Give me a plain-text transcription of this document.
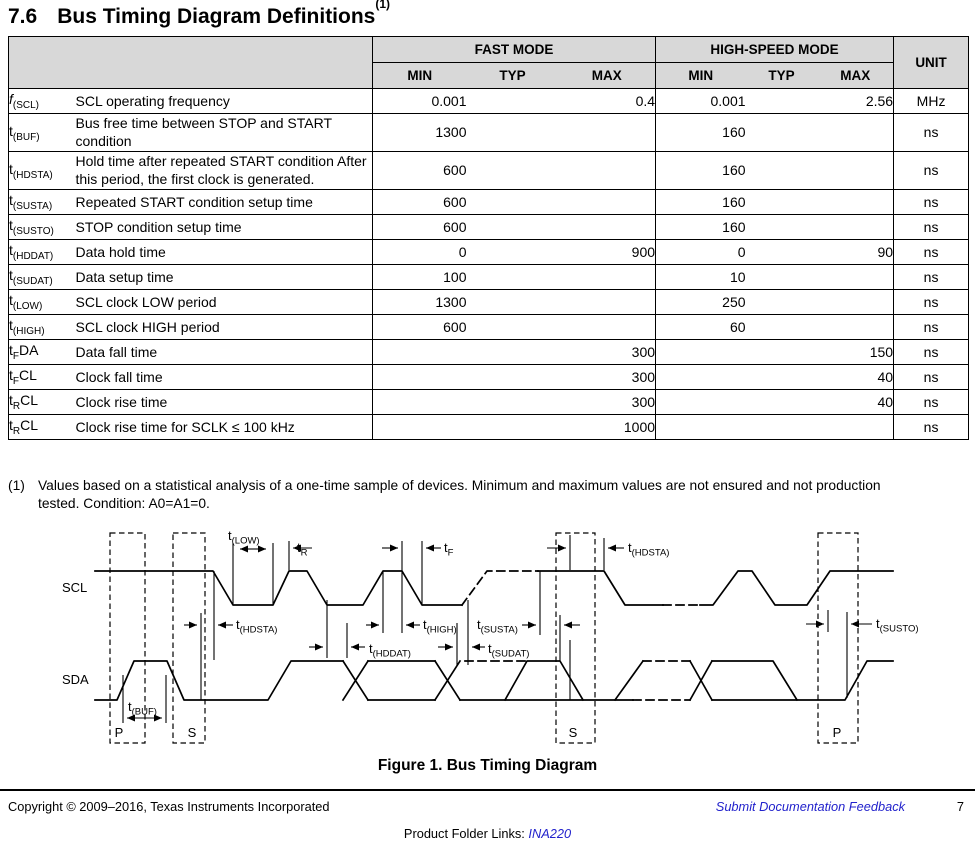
7.6 Bus Timing Diagram Definitions$^{(1)}$
		FAST MODE			HIGH-SPEED MODE			UNIT
		MIN	TYP	MAX	MIN	TYP	MAX	
$f_{(SCL)}$	SCL operating frequency	0.001		0.4	0.001		2.56	MHz
$t_{(BUF)}$	Bus free time between STOP and START condition	1300			160			ns
$t_{(HDSTA)}$	Hold time after repeated START condition After this period, the first clock is generated.	600			160			ns
$t_{(SUSTA)}$	Repeated START condition setup time	600			160			ns
$t_{(SUSTO)}$	STOP condition setup time	600			160			ns
$t_{(HDDAT)}$	Data hold time	0		900	0		90	ns
$t_{(SUDAT)}$	Data setup time	100			10			ns
$t_{(LOW)}$	SCL clock LOW period	1300			250			ns
$t_{(HIGH)}$	SCL clock HIGH period	600			60			ns
$t_FDA$	Data fall time			300			150	ns
$t_FCL$	Clock fall time			300			40	ns
$t_RCL$	Clock rise time			300			40	ns
$t_RCL$	Clock rise time for SCLK ≤ 100 kHz			1000				ns
(1) Values based on a statistical analysis of a one-time sample of devices. Minimum and maximum values are not ensured and not production tested. Condition: A0=A1=0.
SCL
SDA
$t_{(LOW)}$	$t_R$	$t_F$	$t_{(HDSTA)}$
$t_{(HDSTA)}$	$t_{(HIGH)}$ $t_{(SUSTA)}$	$t_{(SUSTO)}$
$t_{(HDDAT)}$	$t_{(SUDAT)}$
$t_{(BUF)}$
P	S	S	P
Figure 1. Bus Timing Diagram
Copyright © 2009–2016, Texas Instruments Incorporated	Submit Documentation Feedback	7
Product Folder Links: INA220
